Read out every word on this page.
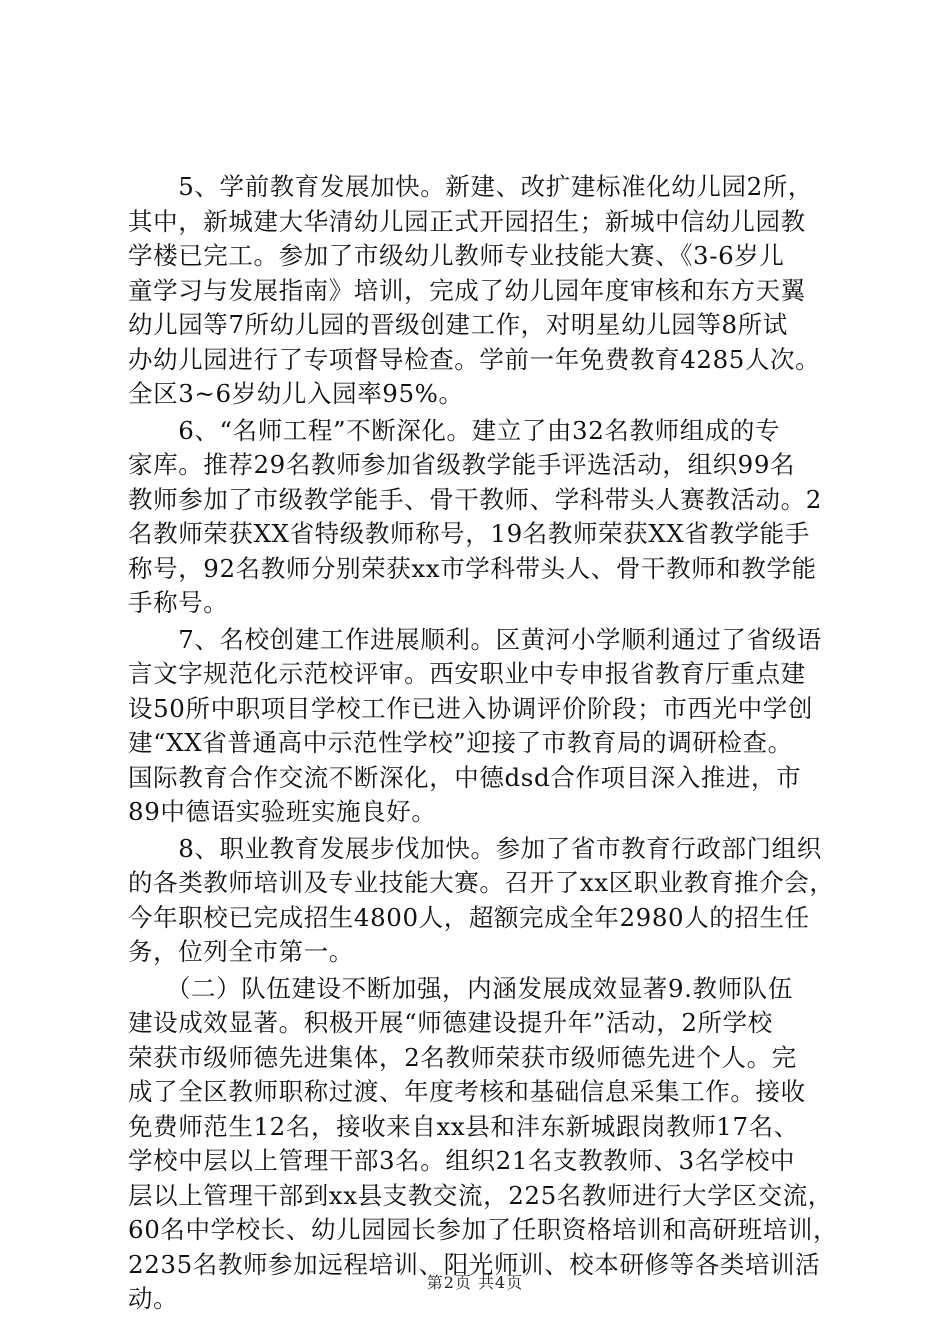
　　5、学前教育发展加快。新建、改扩建标准化幼儿园2所，
其中，新城建大华清幼儿园正式开园招生；新城中信幼儿园教
学楼已完工。参加了市级幼儿教师专业技能大赛、《3-6岁儿
童学习与发展指南》培训，完成了幼儿园年度审核和东方天翼
幼儿园等7所幼儿园的晋级创建工作，对明星幼儿园等8所试
办幼儿园进行了专项督导检查。学前一年免费教育4285人次。
全区3~6岁幼儿入园率95%。

　　6、“名师工程”不断深化。建立了由32名教师组成的专
家库。推荐29名教师参加省级教学能手评选活动，组织99名
教师参加了市级教学能手、骨干教师、学科带头人赛教活动。2
名教师荣获XX省特级教师称号，19名教师荣获XX省教学能手
称号，92名教师分别荣获xx市学科带头人、骨干教师和教学能
手称号。

　　7、名校创建工作进展顺利。区黄河小学顺利通过了省级语
言文字规范化示范校评审。西安职业中专申报省教育厅重点建
设50所中职项目学校工作已进入协调评价阶段；市西光中学创
建“XX省普通高中示范性学校”迎接了市教育局的调研检查。
国际教育合作交流不断深化，中德dsd合作项目深入推进，市
89中德语实验班实施良好。

　　8、职业教育发展步伐加快。参加了省市教育行政部门组织
的各类教师培训及专业技能大赛。召开了xx区职业教育推介会，
今年职校已完成招生4800人，超额完成全年2980人的招生任
务，位列全市第一。

　　（二）队伍建设不断加强，内涵发展成效显著9.教师队伍
建设成效显著。积极开展“师德建设提升年”活动，2所学校
荣获市级师德先进集体，2名教师荣获市级师德先进个人。完
成了全区教师职称过渡、年度考核和基础信息采集工作。接收
免费师范生12名，接收来自xx县和沣东新城跟岗教师17名、
学校中层以上管理干部3名。组织21名支教教师、3名学校中
层以上管理干部到xx县支教交流，225名教师进行大学区交流，
60名中学校长、幼儿园园长参加了任职资格培训和高研班培训，
2235名教师参加远程培训、阳光师训、校本研修等各类培训活
动。

第2页 共4页
